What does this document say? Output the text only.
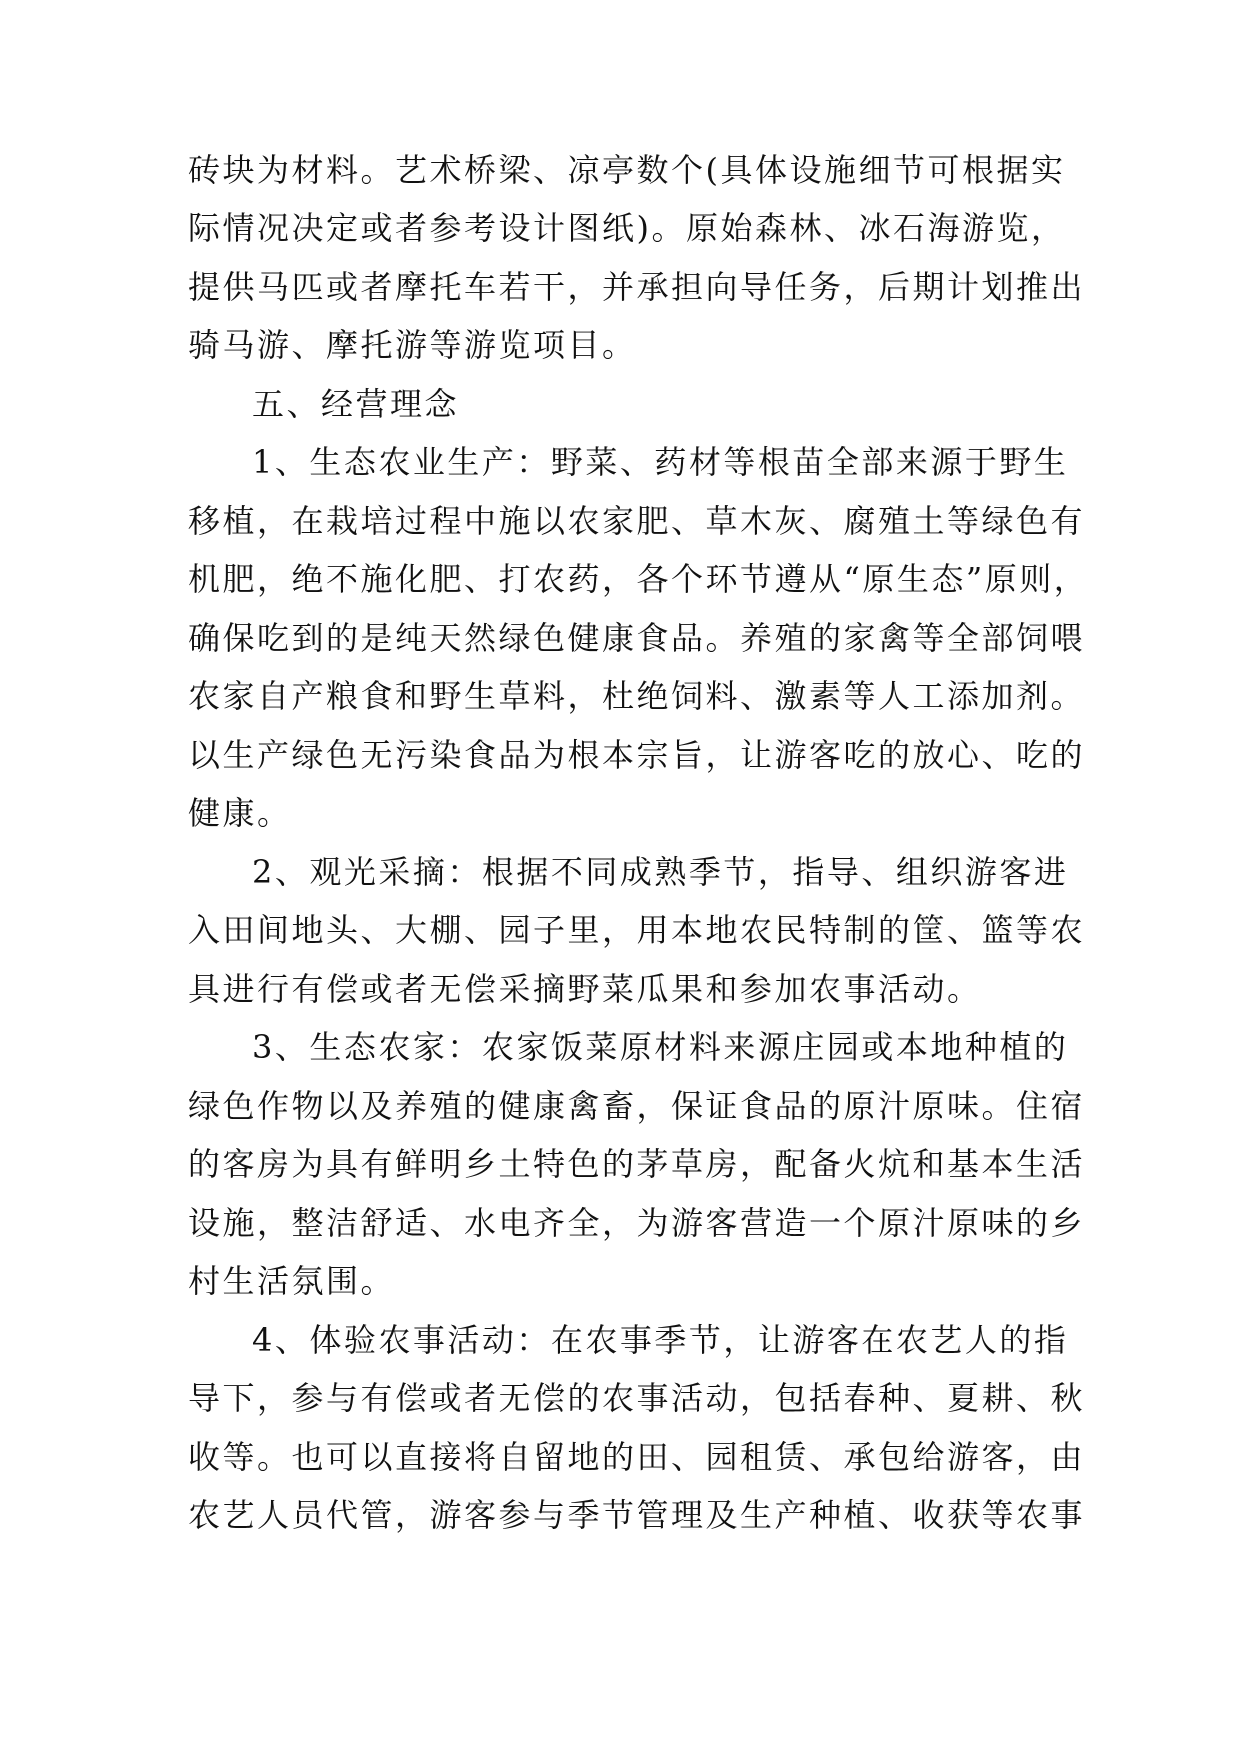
砖块为材料。艺术桥梁、凉亭数个(具体设施细节可根据实
际情况决定或者参考设计图纸)。原始森林、冰石海游览，
提供马匹或者摩托车若干，并承担向导任务，后期计划推出
骑马游、摩托游等游览项目。
五、经营理念
1、生态农业生产：野菜、药材等根苗全部来源于野生
移植，在栽培过程中施以农家肥、草木灰、腐殖土等绿色有
机肥，绝不施化肥、打农药，各个环节遵从“原生态”原则，
确保吃到的是纯天然绿色健康食品。养殖的家禽等全部饲喂
农家自产粮食和野生草料，杜绝饲料、激素等人工添加剂。
以生产绿色无污染食品为根本宗旨，让游客吃的放心、吃的
健康。
2、观光采摘：根据不同成熟季节，指导、组织游客进
入田间地头、大棚、园子里，用本地农民特制的筐、篮等农
具进行有偿或者无偿采摘野菜瓜果和参加农事活动。
3、生态农家：农家饭菜原材料来源庄园或本地种植的
绿色作物以及养殖的健康禽畜，保证食品的原汁原味。住宿
的客房为具有鲜明乡土特色的茅草房，配备火炕和基本生活
设施，整洁舒适、水电齐全，为游客营造一个原汁原味的乡
村生活氛围。
4、体验农事活动：在农事季节，让游客在农艺人的指
导下，参与有偿或者无偿的农事活动，包括春种、夏耕、秋
收等。也可以直接将自留地的田、园租赁、承包给游客，由
农艺人员代管，游客参与季节管理及生产种植、收获等农事
